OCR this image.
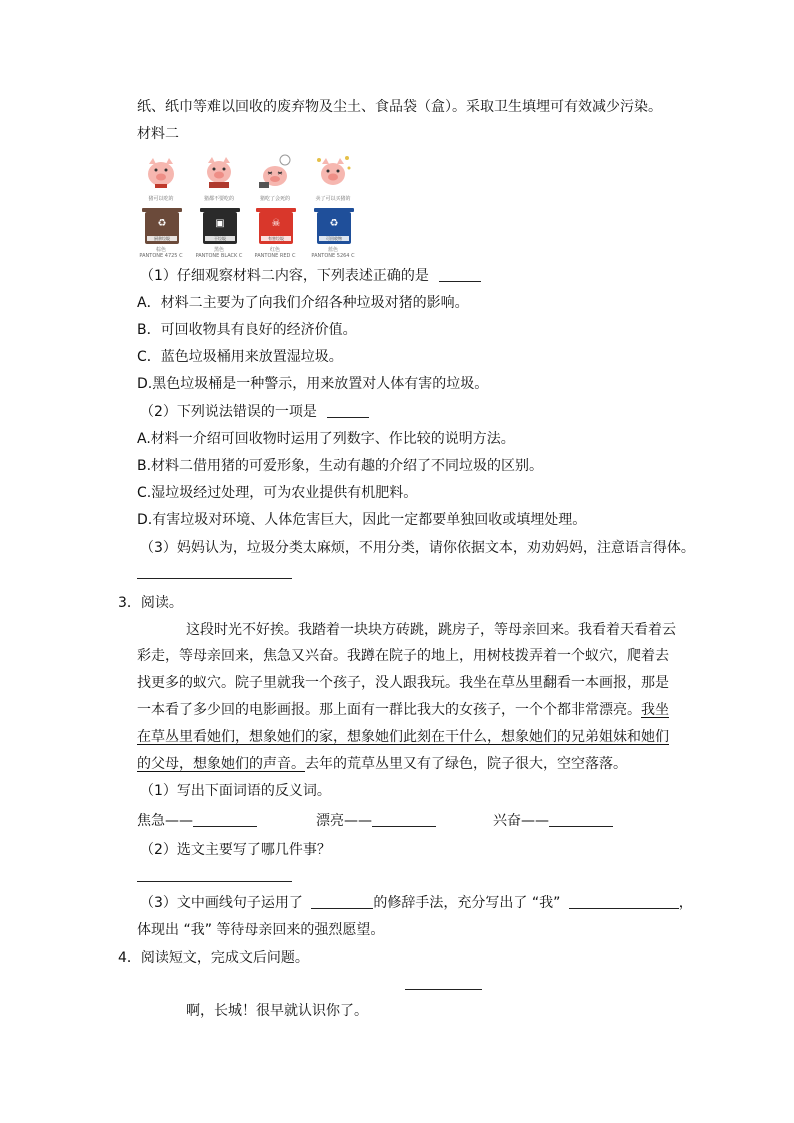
纸、纸巾等难以回收的废弃物及尘土、食品袋（盒）。采取卫生填埋可有效减少污染。
材料二
猪可以吃的	猪都不要吃的	猪吃了会死的	卖了可以买猪的
♻
厨余垃圾
▣
干垃圾
☠
有害垃圾
♻
可回收物
棕色
PANTONE 4725 C
黑色
PANTONE BLACK C
红色
PANTONE RED C
蓝色
PANTONE 5264 C
（1）仔细观察材料二内容，下列表述正确的是
A．材料二主要为了向我们介绍各种垃圾对猪的影响。
B．可回收物具有良好的经济价值。
C．蓝色垃圾桶用来放置湿垃圾。
D.黑色垃圾桶是一种警示，用来放置对人体有害的垃圾。
（2）下列说法错误的一项是
A.材料一介绍可回收物时运用了列数字、作比较的说明方法。
B.材料二借用猪的可爱形象，生动有趣的介绍了不同垃圾的区别。
C.湿垃圾经过处理，可为农业提供有机肥料。
D.有害垃圾对环境、人体危害巨大，因此一定都要单独回收或填埋处理。
（3）妈妈认为，垃圾分类太麻烦，不用分类，请你依据文本，劝劝妈妈，注意语言得体。
3．阅读。
这段时光不好挨。我踏着一块块方砖跳，跳房子，等母亲回来。我看着天看着云
彩走，等母亲回来，焦急又兴奋。我蹲在院子的地上，用树枝拨弄着一个蚁穴，爬着去
找更多的蚁穴。院子里就我一个孩子，没人跟我玩。我坐在草丛里翻看一本画报，那是
一本看了多少回的电影画报。那上面有一群比我大的女孩子，一个个都非常漂亮。我坐
在草丛里看她们，想象她们的家，想象她们此刻在干什么，想象她们的兄弟姐妹和她们
的父母，想象她们的声音。去年的荒草丛里又有了绿色，院子很大，空空落落。
（1）写出下面词语的反义词。
焦急——	漂亮——	兴奋——
（2）选文主要写了哪几件事？
（3）文中画线句子运用了	的修辞手法，充分写出了 “我”	，
体现出 “我” 等待母亲回来的强烈愿望。
4．阅读短文，完成文后问题。
啊，长城！很早就认识你了。
